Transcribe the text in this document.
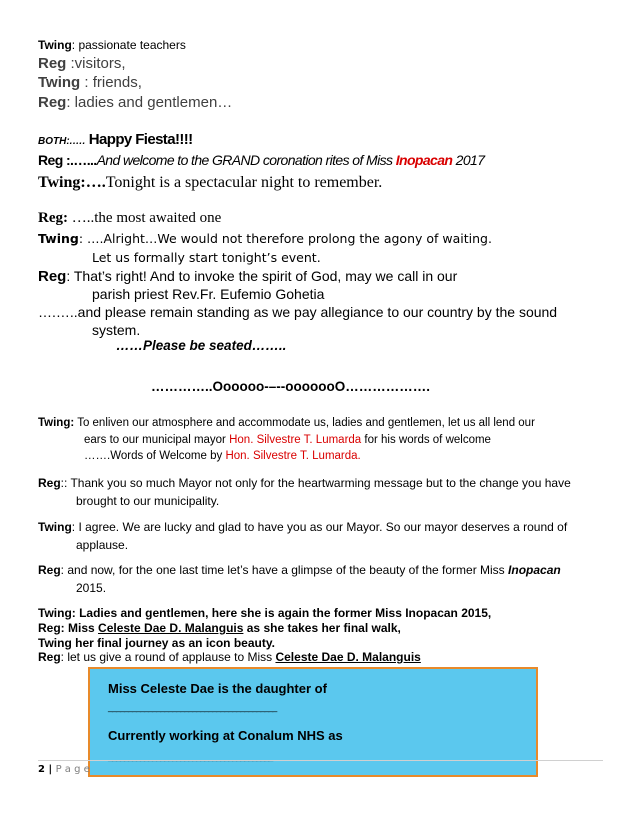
Twing: passionate teachers
Reg :visitors,
Twing : friends,
Reg: ladies and gentlemen…
BOTH:.…. Happy Fiesta!!!!
Reg :.…...And welcome to the GRAND coronation rites of Miss Inopacan 2017
Twing:….Tonight is a spectacular night to remember.
Reg: …..the most awaited one
Twing: ….Alright…We would not therefore prolong the agony of waiting.
Let us formally start tonight’s event.
Reg: That’s right! And to invoke the spirit of God, may we call in our
parish priest Rev.Fr. Eufemio Gohetia
….…..and please remain standing as we pay allegiance to our country by the sound
system.
……Please be seated……..
…………..Oooooo-–--ooooooO……………….
Twing: To enliven our atmosphere and accommodate us, ladies and gentlemen, let us all lend our
ears to our municipal mayor Hon. Silvestre T. Lumarda for his words of welcome
…….Words of Welcome by Hon. Silvestre T. Lumarda.
Reg:: Thank you so much Mayor not only for the heartwarming message but to the change you have
brought to our municipality.
Twing: I agree. We are lucky and glad to have you as our Mayor. So our mayor deserves a round of
applause.
Reg: and now, for the one last time let’s have a glimpse of the beauty of the former Miss Inopacan
2015.
Twing: Ladies and gentlemen, here she is again the former Miss Inopacan 2015,
Reg: Miss Celeste Dae D. Malanguis as she takes her final walk,
Twing her final journey as an icon beauty.
Reg: let us give a round of applause to Miss Celeste Dae D. Malanguis
Miss Celeste Dae is the daughter of
__________________________________________
Currently working at Conalum NHS as
_________________________________________
2 | P a g e
